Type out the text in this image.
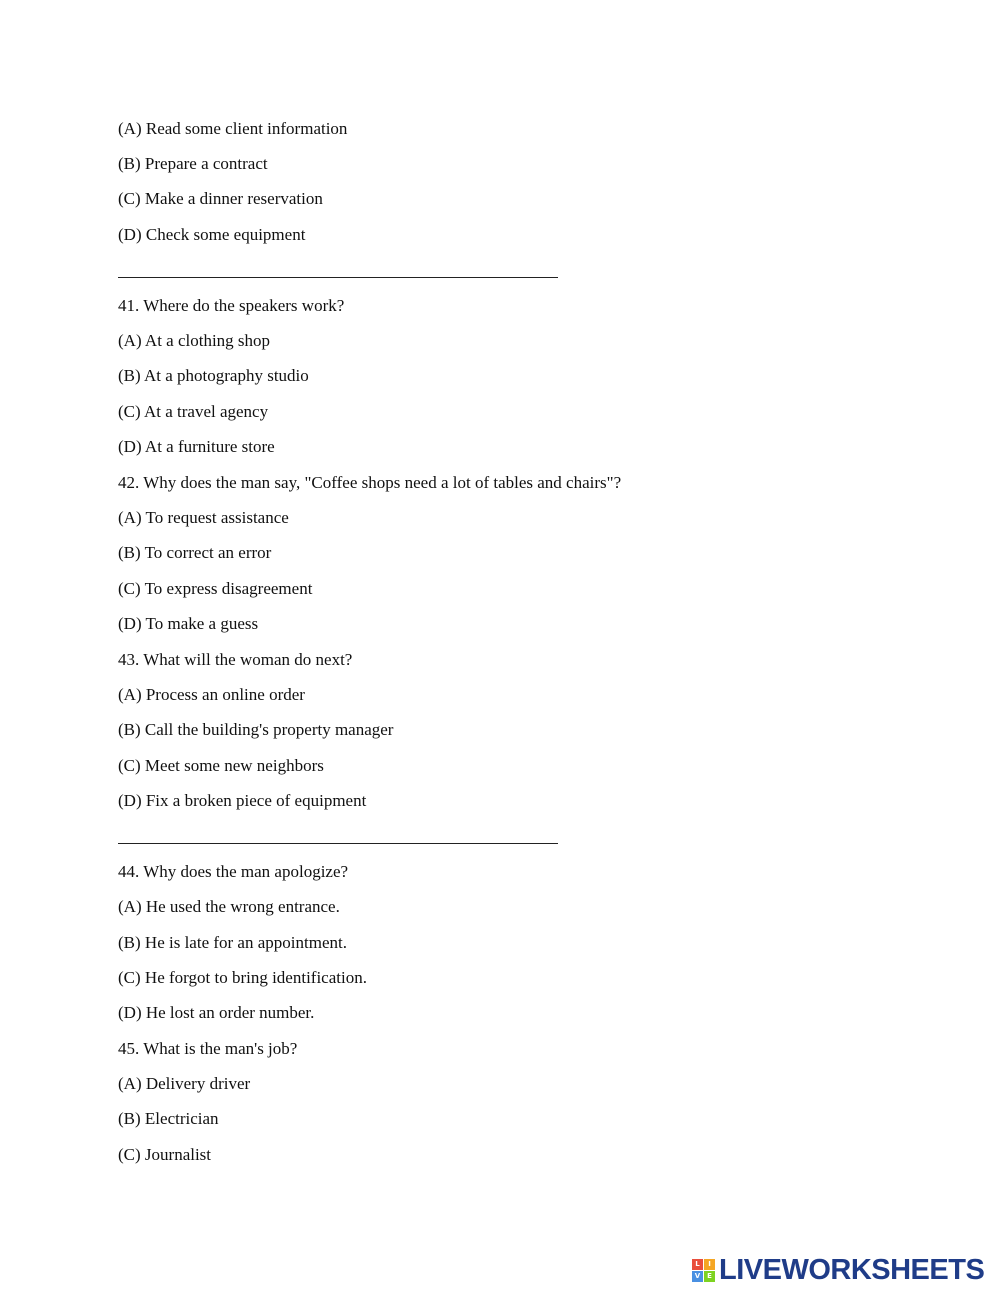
(A) Read some client information
(B) Prepare a contract
(C) Make a dinner reservation
(D) Check some equipment
41. Where do the speakers work?
(A) At a clothing shop
(B) At a photography studio
(C) At a travel agency
(D) At a furniture store
42. Why does the man say, "Coffee shops need a lot of tables and chairs"?
(A) To request assistance
(B) To correct an error
(C) To express disagreement
(D) To make a guess
43. What will the woman do next?
(A) Process an online order
(B) Call the building's property manager
(C) Meet some new neighbors
(D) Fix a broken piece of equipment
44. Why does the man apologize?
(A) He used the wrong entrance.
(B) He is late for an appointment.
(C) He forgot to bring identification.
(D) He lost an order number.
45. What is the man's job?
(A) Delivery driver
(B) Electrician
(C) Journalist
L	I
V E LIVEWORKSHEETS
